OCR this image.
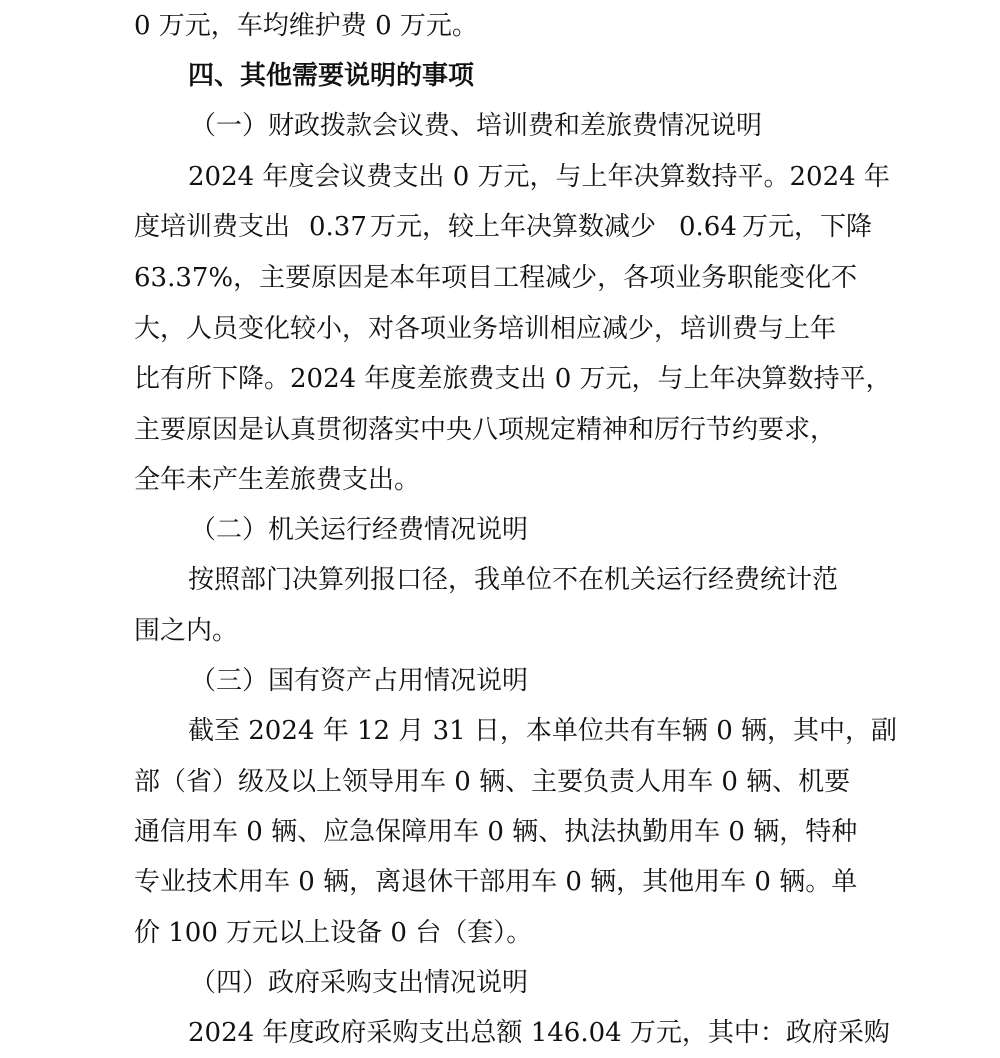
0 万元，车均维护费 0 万元。
四、其他需要说明的事项
（一）财政拨款会议费、培训费和差旅费情况说明
2024 年度会议费支出 0 万元，与上年决算数持平。2024 年
度培训费支出 0.37 万元，较上年决算数减少 0.64 万元，下降
63.37%，主要原因是本年项目工程减少，各项业务职能变化不
大，人员变化较小，对各项业务培训相应减少，培训费与上年
比有所下降。2024 年度差旅费支出 0 万元，与上年决算数持平，
主要原因是认真贯彻落实中央八项规定精神和厉行节约要求，
全年未产生差旅费支出。
（二）机关运行经费情况说明
按照部门决算列报口径，我单位不在机关运行经费统计范
围之内。
（三）国有资产占用情况说明
截至 2024 年 12 月 31 日，本单位共有车辆 0 辆，其中，副
部（省）级及以上领导用车 0 辆、主要负责人用车 0 辆、机要
通信用车 0 辆、应急保障用车 0 辆、执法执勤用车 0 辆，特种
专业技术用车 0 辆，离退休干部用车 0 辆，其他用车 0 辆。单
价 100 万元以上设备 0 台（套）。
（四）政府采购支出情况说明
2024 年度政府采购支出总额 146.04 万元，其中：政府采购
